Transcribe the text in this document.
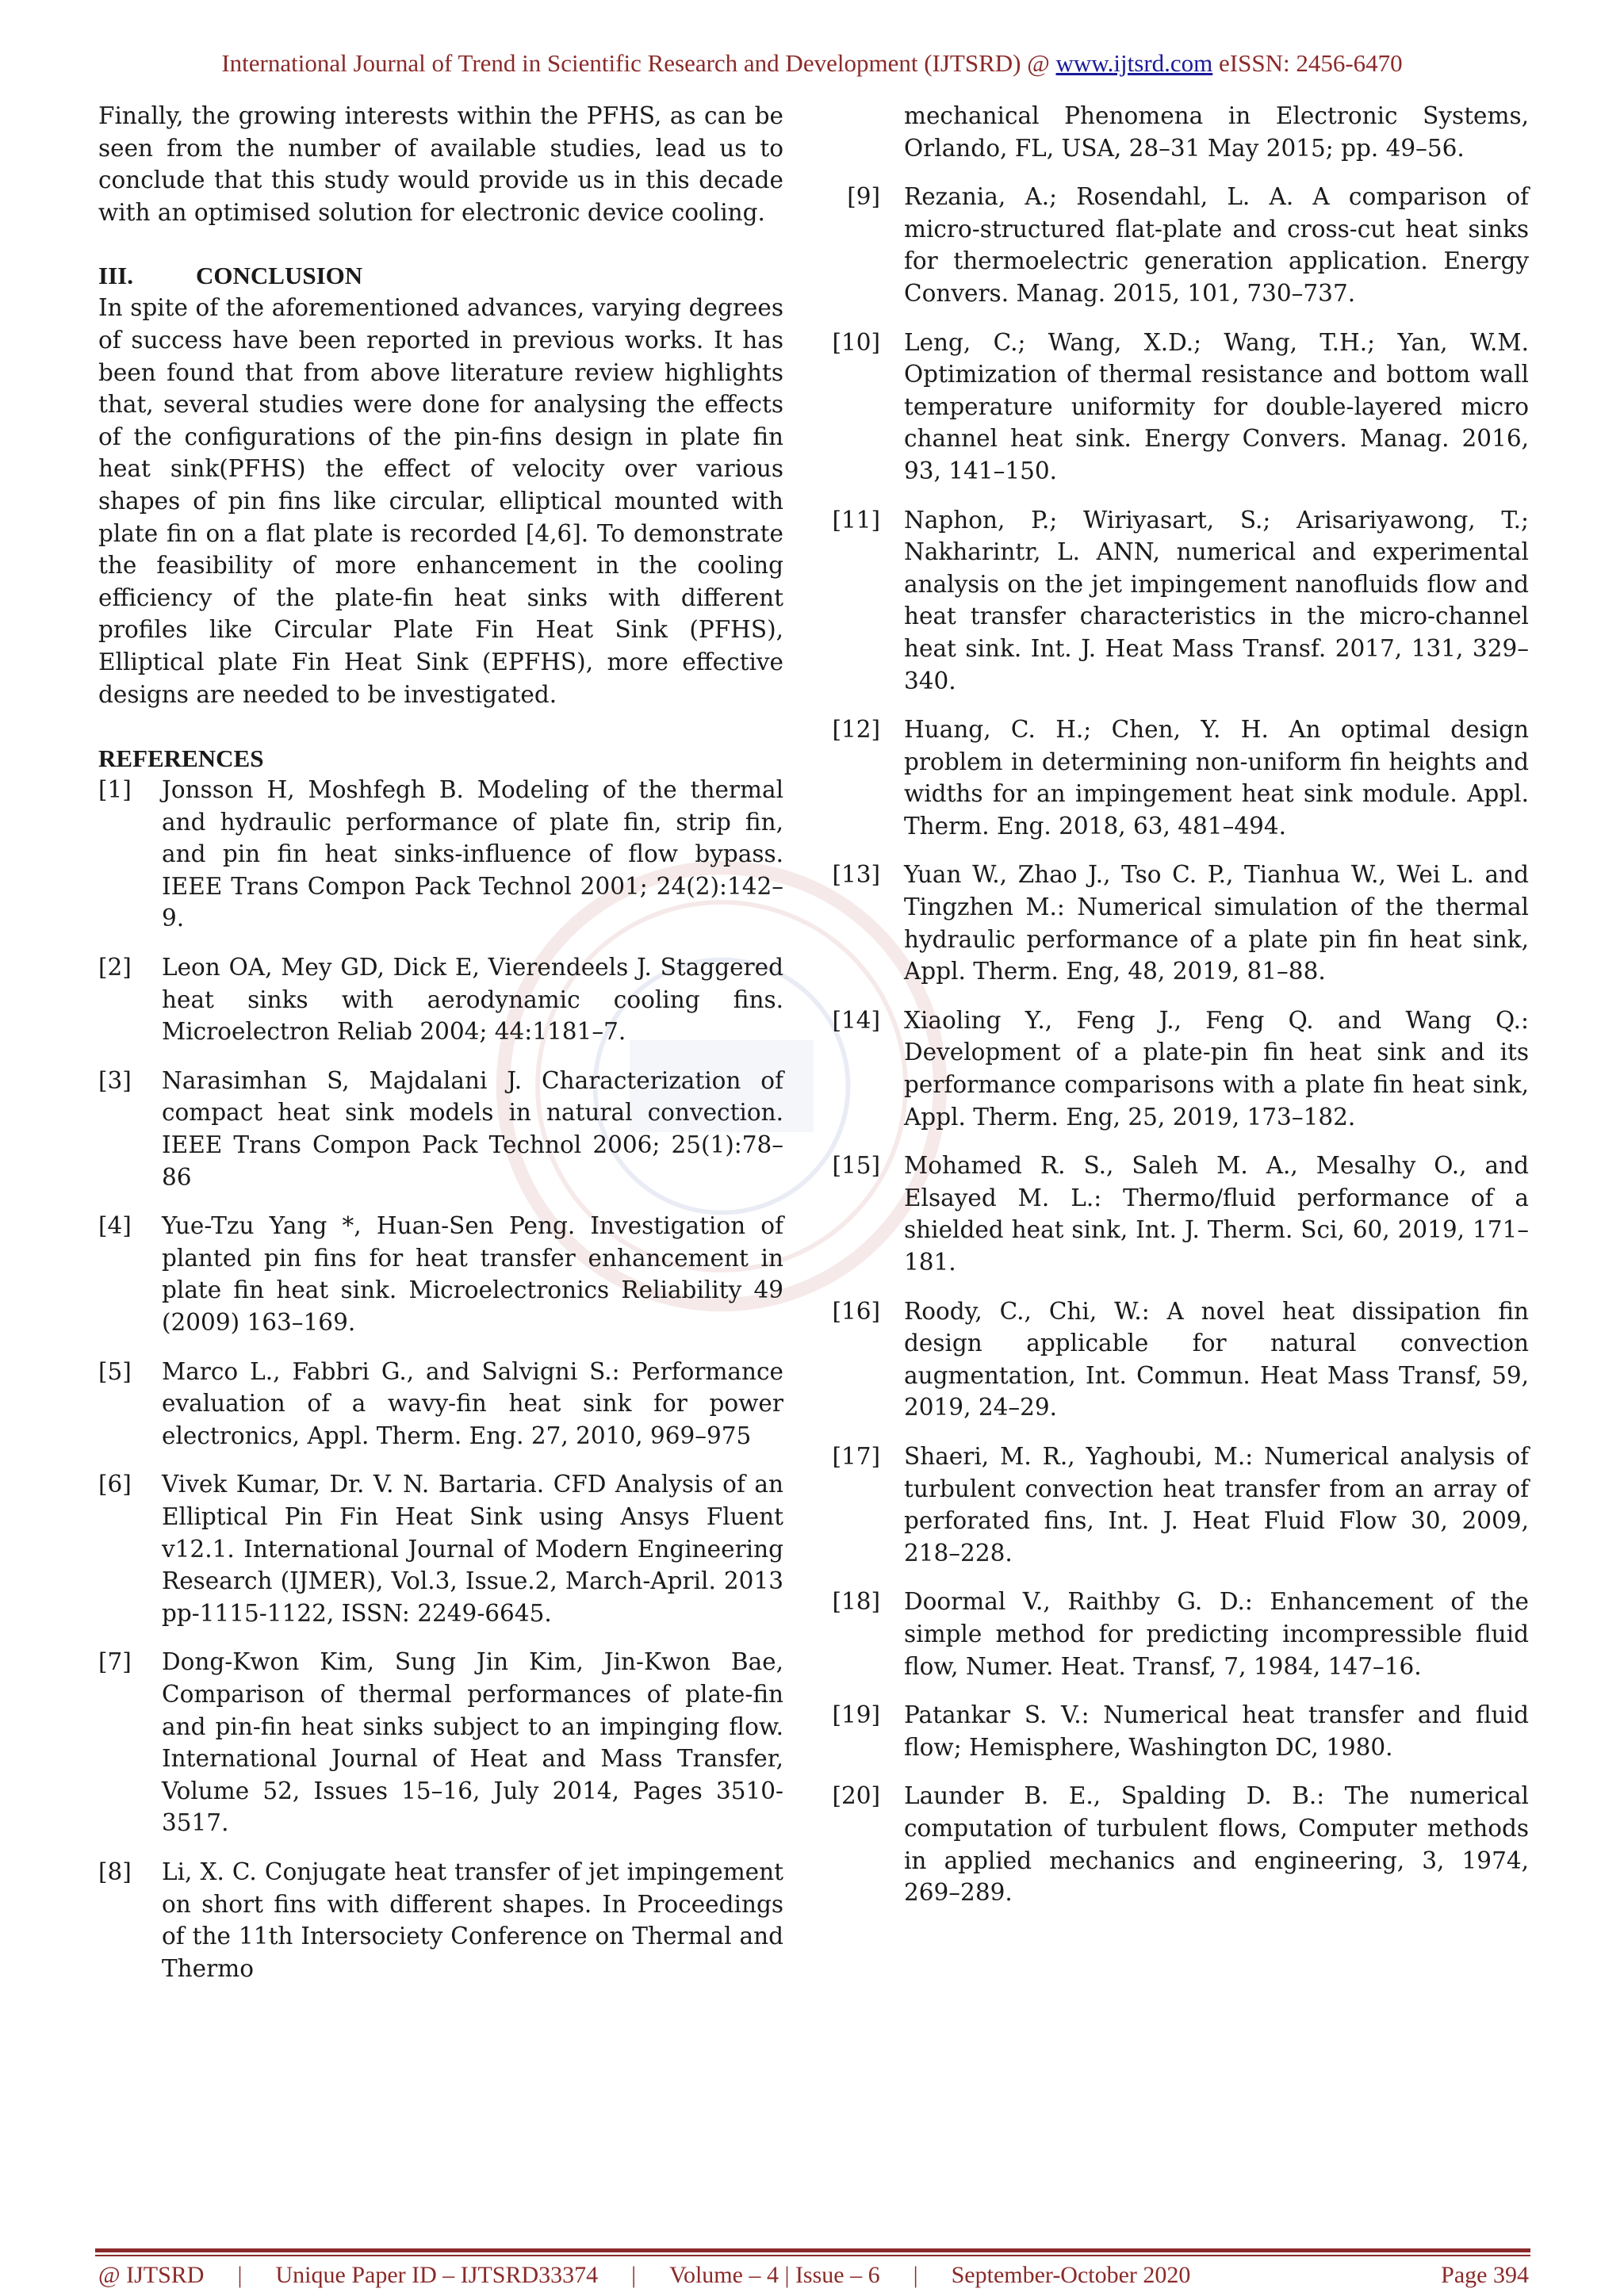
International Journal of Trend in Scientific Research and Development (IJTSRD) @ www.ijtsrd.com eISSN: 2456-6470

Finally, the growing interests within the PFHS, as can be seen from the number of available studies, lead us to conclude that this study would provide us in this decade with an optimised solution for electronic device cooling.

III.	CONCLUSION

In spite of the aforementioned advances, varying degrees of success have been reported in previous works. It has been found that from above literature review highlights that, several studies were done for analysing the effects of the configurations of the pin-fins design in plate fin heat sink(PFHS) the effect of velocity over various shapes of pin fins like circular, elliptical mounted with plate fin on a flat plate is recorded [4,6]. To demonstrate the feasibility of more enhancement in the cooling efficiency of the plate-fin heat sinks with different profiles like Circular Plate Fin Heat Sink (PFHS), Elliptical plate Fin Heat Sink (EPFHS), more effective designs are needed to be investigated.

REFERENCES
[1]	Jonsson H, Moshfegh B. Modeling of the thermal and hydraulic performance of plate fin, strip fin, and pin fin heat sinks-influence of flow bypass. IEEE Trans Compon Pack Technol 2001; 24(2):142–9.
[2]	Leon OA, Mey GD, Dick E, Vierendeels J. Staggered heat sinks with aerodynamic cooling fins. Microelectron Reliab 2004; 44:1181–7.
[3]	Narasimhan S, Majdalani J. Characterization of compact heat sink models in natural convection. IEEE Trans Compon Pack Technol 2006; 25(1):78–86
[4]	Yue-Tzu Yang *, Huan-Sen Peng. Investigation of planted pin fins for heat transfer enhancement in plate fin heat sink. Microelectronics Reliability 49 (2009) 163–169.
[5]	Marco L., Fabbri G., and Salvigni S.: Performance evaluation of a wavy-fin heat sink for power electronics, Appl. Therm. Eng. 27, 2010, 969–975
[6]	Vivek Kumar, Dr. V. N. Bartaria. CFD Analysis of an Elliptical Pin Fin Heat Sink using Ansys Fluent v12.1. International Journal of Modern Engineering Research (IJMER), Vol.3, Issue.2, March-April. 2013 pp-1115-1122, ISSN: 2249-6645.
[7]	Dong-Kwon Kim, Sung Jin Kim, Jin-Kwon Bae, Comparison of thermal performances of plate-fin and pin-fin heat sinks subject to an impinging flow. International Journal of Heat and Mass Transfer, Volume 52, Issues 15–16, July 2014, Pages 3510-3517.
[8]	Li, X. C. Conjugate heat transfer of jet impingement on short fins with different shapes. In Proceedings of the 11th Intersociety Conference on Thermal and Thermo
mechanical Phenomena in Electronic Systems, Orlando, FL, USA, 28–31 May 2015; pp. 49–56.
[9]	Rezania, A.; Rosendahl, L. A. A comparison of micro-structured flat-plate and cross-cut heat sinks for thermoelectric generation application. Energy Convers. Manag. 2015, 101, 730–737.
[10]	Leng, C.; Wang, X.D.; Wang, T.H.; Yan, W.M. Optimization of thermal resistance and bottom wall temperature uniformity for double-layered micro channel heat sink. Energy Convers. Manag. 2016, 93, 141–150.
[11]	Naphon, P.; Wiriyasart, S.; Arisariyawong, T.; Nakharintr, L. ANN, numerical and experimental analysis on the jet impingement nanofluids flow and heat transfer characteristics in the micro-channel heat sink. Int. J. Heat Mass Transf. 2017, 131, 329–340.
[12]	Huang, C. H.; Chen, Y. H. An optimal design problem in determining non-uniform fin heights and widths for an impingement heat sink module. Appl. Therm. Eng. 2018, 63, 481–494.
[13]	Yuan W., Zhao J., Tso C. P., Tianhua W., Wei L. and Tingzhen M.: Numerical simulation of the thermal hydraulic performance of a plate pin fin heat sink, Appl. Therm. Eng, 48, 2019, 81–88.
[14]	Xiaoling Y., Feng J., Feng Q. and Wang Q.: Development of a plate-pin fin heat sink and its performance comparisons with a plate fin heat sink, Appl. Therm. Eng, 25, 2019, 173–182.
[15]	Mohamed R. S., Saleh M. A., Mesalhy O., and Elsayed M. L.: Thermo/fluid performance of a shielded heat sink, Int. J. Therm. Sci, 60, 2019, 171–181.
[16]	Roody, C., Chi, W.: A novel heat dissipation fin design applicable for natural convection augmentation, Int. Commun. Heat Mass Transf, 59, 2019, 24–29.
[17]	Shaeri, M. R., Yaghoubi, M.: Numerical analysis of turbulent convection heat transfer from an array of perforated fins, Int. J. Heat Fluid Flow 30, 2009, 218–228.
[18]	Doormal V., Raithby G. D.: Enhancement of the simple method for predicting incompressible fluid flow, Numer. Heat. Transf, 7, 1984, 147–16.
[19]	Patankar S. V.: Numerical heat transfer and fluid flow; Hemisphere, Washington DC, 1980.
[20]	Launder B. E., Spalding D. B.: The numerical computation of turbulent flows, Computer methods in applied mechanics and engineering, 3, 1974, 269–289.
@ IJTSRD | Unique Paper ID – IJTSRD33374 | Volume – 4 | Issue – 6 | September-October 2020	Page 394
